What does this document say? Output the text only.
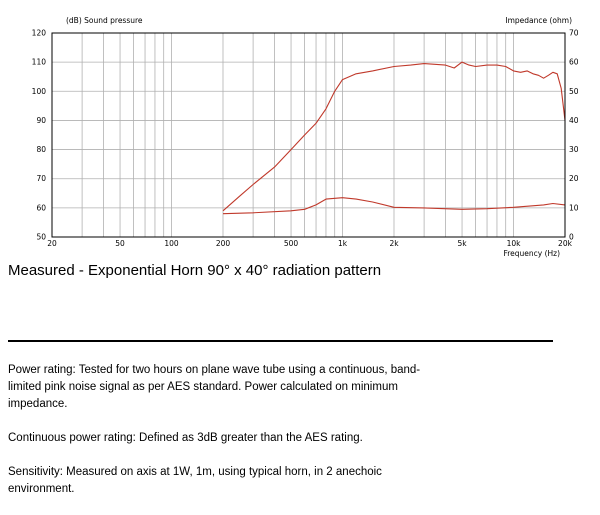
20	50	100	200	500	1k	2k	5k	10k	20k
50
60
70
80
90
100
110
120
0
10
20
30
40
50
60
70
(dB) Sound pressure	Impedance (ohm)
Frequency (Hz)
Measured - Exponential Horn 90° x 40° radiation pattern

Power rating: Tested for two hours on plane wave tube using a continuous, band-limited pink noise signal as per AES standard. Power calculated on minimum impedance.

Continuous power rating: Defined as 3dB greater than the AES rating.

Sensitivity: Measured on axis at 1W, 1m, using typical horn, in 2 anechoic environment.
